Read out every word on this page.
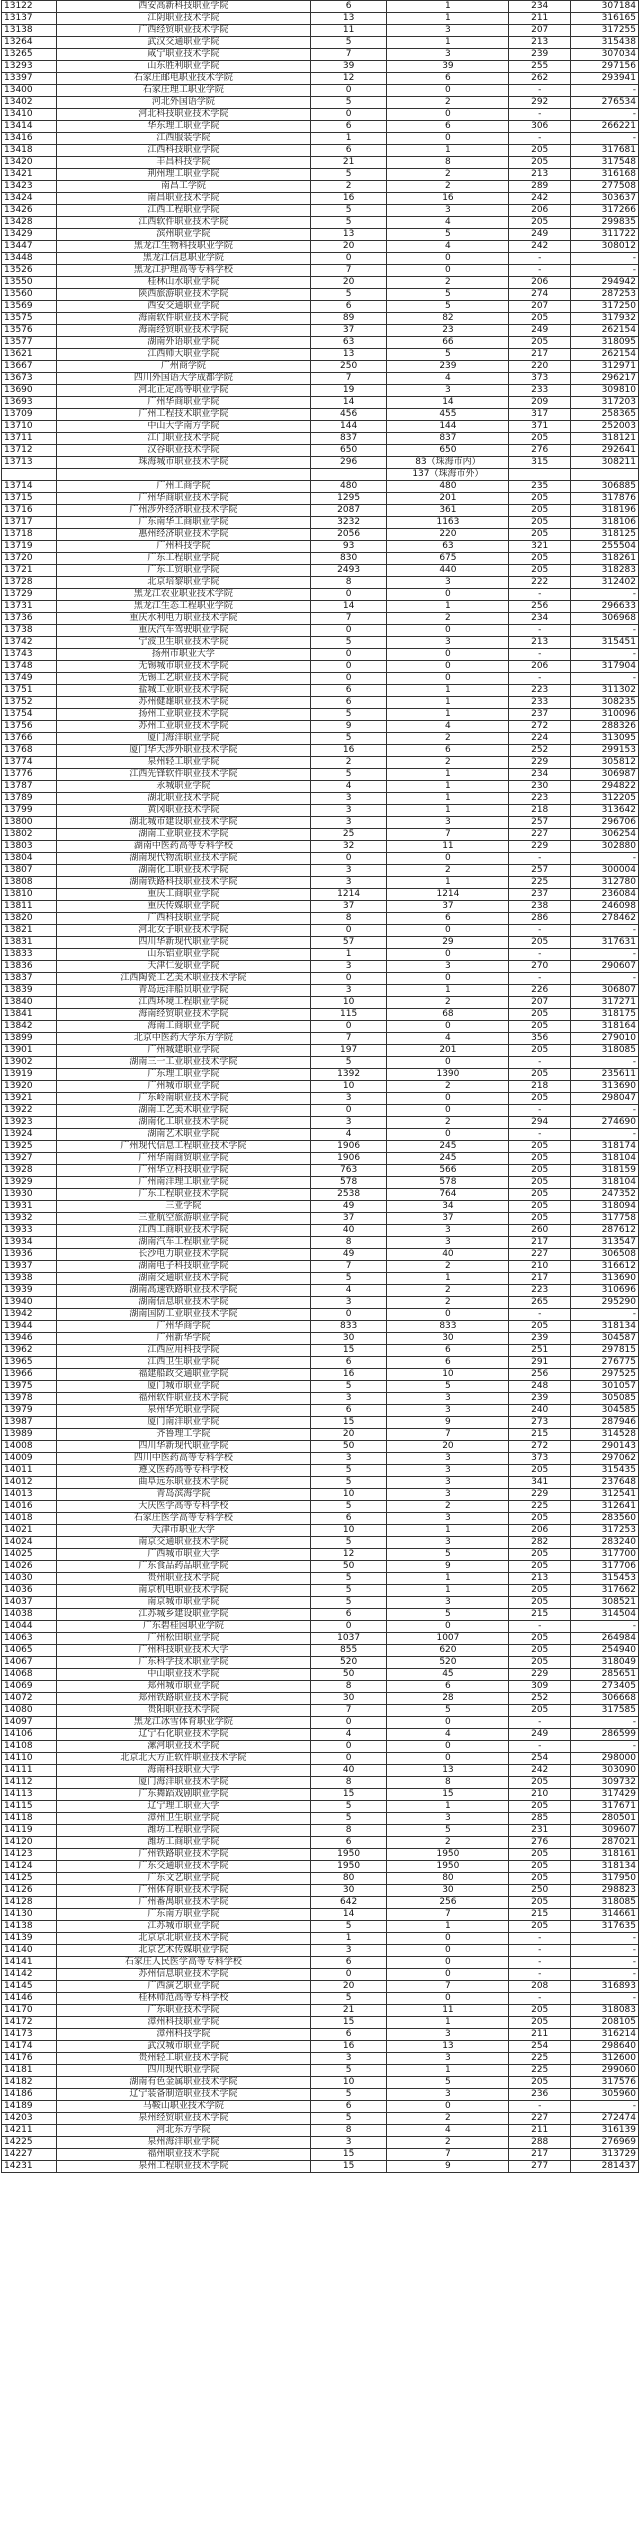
13122	西安高新科技职业学院	6	1	234	307184
13137	江阴职业技术学院	13	1	211	316165
13138	广西经贸职业技术学院	11	3	207	317255
13264	武汉交通职业学院	5	1	213	315438
13265	咸宁职业技术学院	7	3	239	307034
13293	山东胜利职业学院	39	39	255	297156
13397	石家庄邮电职业技术学院	12	6	262	293941
13400	石家庄理工职业学院	0	0	-	-
13402	河北外国语学院	5	2	292	276534
13410	河北科技职业技术学院	0	0	-	-
13414	华东理工职业学院	6	6	306	266221
13416	江西服装学院	1	0	-	-
13418	江西科技职业学院	6	1	205	317681
13420	丰昌科技学院	21	8	205	317548
13421	荆州理工职业学院	5	2	213	316168
13423	南昌工学院	2	2	289	277508
13424	南昌职业技术学院	16	16	242	303637
13426	江西工程职业学院	5	3	206	317266
13428	江西软件职业技术学院	5	4	205	299835
13429	滨州职业学院	13	5	249	311722
13447	黑龙江生物科技职业学院	20	4	242	308012
13448	黑龙江信息职业学院	0	0	-	-
13526	黑龙江护理高等专科学校	7	0	-	-
13550	桂林山水职业学院	20	2	206	294942
13560	陕西旅游职业技术学院	5	5	274	287253
13569	西安交通职业学院	6	5	207	317250
13575	海南软件职业技术学院	89	82	205	317932
13576	海南经贸职业技术学院	37	23	249	262154
13577	湖南外语职业学院	63	66	205	318095
13621	江西师大职业学院	13	5	217	262154
13667	广州商学院	250	239	220	312971
13673	四川外国语大学成都学院	7	4	373	296217
13690	河北正定高等职业学院	19	3	233	309810
13693	广州华商职业学院	14	14	209	317203
13709	广州工程技术职业学院	456	455	317	258365
13710	中山大学南方学院	144	144	371	252003
13711	江门职业技术学院	837	837	205	318121
13712	汉谷职业技术学院	650	650	276	292641
13713	珠海城市职业技术学院	296	83（珠海市内）	315	308211
			137（珠海市外）		
13714	广州工商学院	480	480	235	306885
13715	广州华商职业技术学院	1295	201	205	317876
13716	广州涉外经济职业技术学院	2087	361	205	318196
13717	广东南华工商职业学院	3232	1163	205	318106
13718	惠州经济职业技术学院	2056	220	205	318125
13719	广州科技学院	93	63	321	255504
13720	广东工程职业学院	830	675	205	318261
13721	广东工贸职业学院	2493	440	205	318283
13728	北京培黎职业学院	8	3	222	312402
13729	黑龙江农业职业技术学院	0	0	-	-
13731	黑龙江生态工程职业学院	14	1	256	296633
13736	重庆水利电力职业技术学院	7	2	234	306968
13738	重庆汽车驾驶职业学院	0	0	-	-
13742	宁波卫生职业技术学院	5	3	213	315451
13743	扬州市职业大学	0	0	-	-
13748	无锡城市职业技术学院	0	0	206	317904
13749	无锡工艺职业技术学院	0	0	-	-
13751	盐城工业职业技术学院	6	1	223	311302
13752	苏州健雄职业技术学院	6	1	233	308235
13754	扬州工业职业技术学院	5	1	237	310096
13756	苏州工业职业技术学院	9	4	272	288326
13766	厦门海洋职业学院	5	2	224	313095
13768	厦门华天涉外职业技术学院	16	6	252	299153
13774	泉州轻工职业学院	2	2	229	305812
13776	江西先锋软件职业技术学院	5	1	234	306987
13787	永城职业学院	4	1	230	294822
13789	湖北职业技术学院	3	1	223	312205
13799	黄冈职业技术学院	3	1	218	313642
13800	湖北城市建设职业技术学院	3	3	257	296706
13802	湖南工业职业技术学院	25	7	227	306254
13803	湖南中医药高等专科学校	32	11	229	302880
13804	湖南现代物流职业技术学院	0	0	-	-
13807	湖南化工职业技术学院	3	2	257	300004
13808	湖南铁路科技职业技术学院	3	1	225	312780
13810	重庆工商职业学院	1214	1214	237	236084
13811	重庆传媒职业学院	37	37	238	246098
13820	广西科技职业学院	8	6	286	278462
13821	河北女子职业技术学院	0	0	-	-
13831	四川华新现代职业学院	57	29	205	317631
13833	山东铝业职业学院	1	0	-	-
13836	天津仁爱职业学院	3	3	270	290607
13837	江西陶瓷工艺美术职业技术学院	0	0	-	-
13839	青岛远洋船员职业学院	3	1	226	306807
13840	江西环境工程职业学院	10	2	207	317271
13841	海南经贸职业技术学院	115	68	205	318175
13842	海南工商职业学院	0	0	205	318164
13899	北京中医药大学东方学院	7	4	356	279010
13901	广州城建职业学院	197	201	205	318085
13902	湖南三一工业职业技术学院	5	0	-	-
13919	广东理工职业学院	1392	1390	205	235611
13920	广州城市职业学院	10	2	218	313690
13921	广东岭南职业技术学院	3	0	205	298047
13922	湖南工艺美术职业学院	0	0	-	-
13923	湖南化工职业技术学院	3	2	294	274690
13924	湖南艺术职业学院	4	0	-	-
13925	广州现代信息工程职业技术学院	1906	245	205	318174
13927	广州华南商贸职业学院	1906	245	205	318104
13928	广州华立科技职业学院	763	566	205	318159
13929	广州南洋理工职业学院	578	578	205	318104
13930	广东工程职业技术学院	2538	764	205	247352
13931	三亚学院	49	34	205	318094
13932	三亚航空旅游职业学院	37	37	205	317758
13933	江西工商职业技术学院	40	3	260	287612
13934	湖南汽车工程职业学院	8	3	217	313547
13936	长沙电力职业技术学院	49	40	227	306508
13937	湖南电子科技职业学院	7	2	210	316612
13938	湖南交通职业技术学院	5	1	217	313690
13939	湖南高速铁路职业技术学院	4	2	223	310696
13940	湖南信息职业技术学院	3	2	265	295290
13942	湖南国防工业职业技术学院	0	0	-	-
13944	广州华商学院	833	833	205	318134
13946	广州新华学院	30	30	239	304587
13962	江西应用科技学院	15	6	251	297815
13965	江西卫生职业学院	6	6	291	276775
13966	福建船政交通职业学院	16	10	256	297525
13975	厦门城市职业学院	5	5	248	301057
13978	福州软件职业技术学院	3	3	239	305085
13979	泉州华光职业学院	6	3	240	304585
13987	厦门南洋职业学院	15	9	273	287946
13989	齐鲁理工学院	20	7	215	314528
14008	四川华新现代职业学院	50	20	272	290143
14009	四川中医药高等专科学校	3	3	373	297062
14011	遵义医药高等专科学校	5	3	205	315435
14012	曲阜远东职业技术学院	5	3	341	237648
14013	青岛滨海学院	10	3	229	312541
14016	大庆医学高等专科学校	5	2	225	312641
14018	石家庄医学高等专科学校	6	3	205	283560
14021	天津市职业大学	10	1	206	317253
14024	南京交通职业技术学院	5	3	282	283240
14025	广西城市职业大学	12	5	205	317700
14026	广东食品药品职业学院	50	9	205	317706
14030	贵州职业技术学院	5	1	213	315453
14036	南京机电职业技术学院	5	1	205	317662
14037	南京城市职业学院	5	3	205	308521
14038	江苏城乡建设职业学院	6	5	215	314504
14044	广东碧桂园职业学院	0	0	-	-
14063	广州松田职业学院	1037	1007	205	264984
14065	广州科技职业技术大学	855	620	205	254940
14067	广东科学技术职业学院	520	520	205	318049
14068	中山职业技术学院	50	45	229	285651
14069	郑州城市职业学院	8	6	309	273405
14072	郑州铁路职业技术学院	30	28	252	306668
14080	贵阳职业技术学院	7	5	205	317585
14097	黑龙江冰雪体育职业学院	0	0	-	-
14106	辽宁石化职业技术学院	4	4	249	286599
14108	漯河职业技术学院	0	0	-	-
14110	北京北大方正软件职业技术学院	0	0	254	298000
14111	海南科技职业大学	40	13	242	303090
14112	厦门海洋职业技术学院	8	8	205	309732
14113	广东舞蹈戏剧职业学院	15	15	210	317429
14115	辽宁理工职业大学	5	1	205	317671
14118	漳州卫生职业学院	5	3	285	280501
14119	潍坊工程职业学院	8	5	231	309607
14120	潍坊工商职业学院	6	2	276	287021
14123	广州铁路职业技术学院	1950	1950	205	318161
14124	广东交通职业技术学院	1950	1950	205	318134
14125	广东文艺职业学院	80	80	205	317950
14126	广州体育职业技术学院	30	30	250	298823
14128	广州番禺职业技术学院	642	256	205	318085
14130	广东南方职业学院	14	7	215	314661
14138	江苏城市职业学院	5	1	205	317635
14139	北京京北职业技术学院	1	0	-	-
14140	北京艺术传媒职业学院	3	0	-	-
14141	石家庄人民医学高等专科学校	6	0	-	-
14142	苏州信息职业技术学院	0	0	-	-
14145	广西演艺职业学院	20	7	208	316893
14146	桂林师范高等专科学校	5	0	-	-
14170	广东职业技术学院	21	11	205	318083
14172	漳州科技职业学院	15	1	205	208105
14173	漳州科技学院	6	3	211	316214
14174	武汉城市职业学院	16	13	254	298640
14176	贵州轻工职业技术学院	3	3	225	312600
14181	四川现代职业学院	5	1	225	299060
14182	湖南有色金属职业技术学院	10	5	205	317576
14186	辽宁装备制造职业技术学院	5	3	236	305960
14189	马鞍山职业技术学院	6	0	-	-
14203	泉州经贸职业技术学院	5	2	227	272474
14211	河北东方学院	8	4	211	316139
14225	泉州海洋职业学院	3	2	288	276969
14227	福州职业技术学院	15	7	217	313729
14231	泉州工程职业技术学院	15	9	277	281437
